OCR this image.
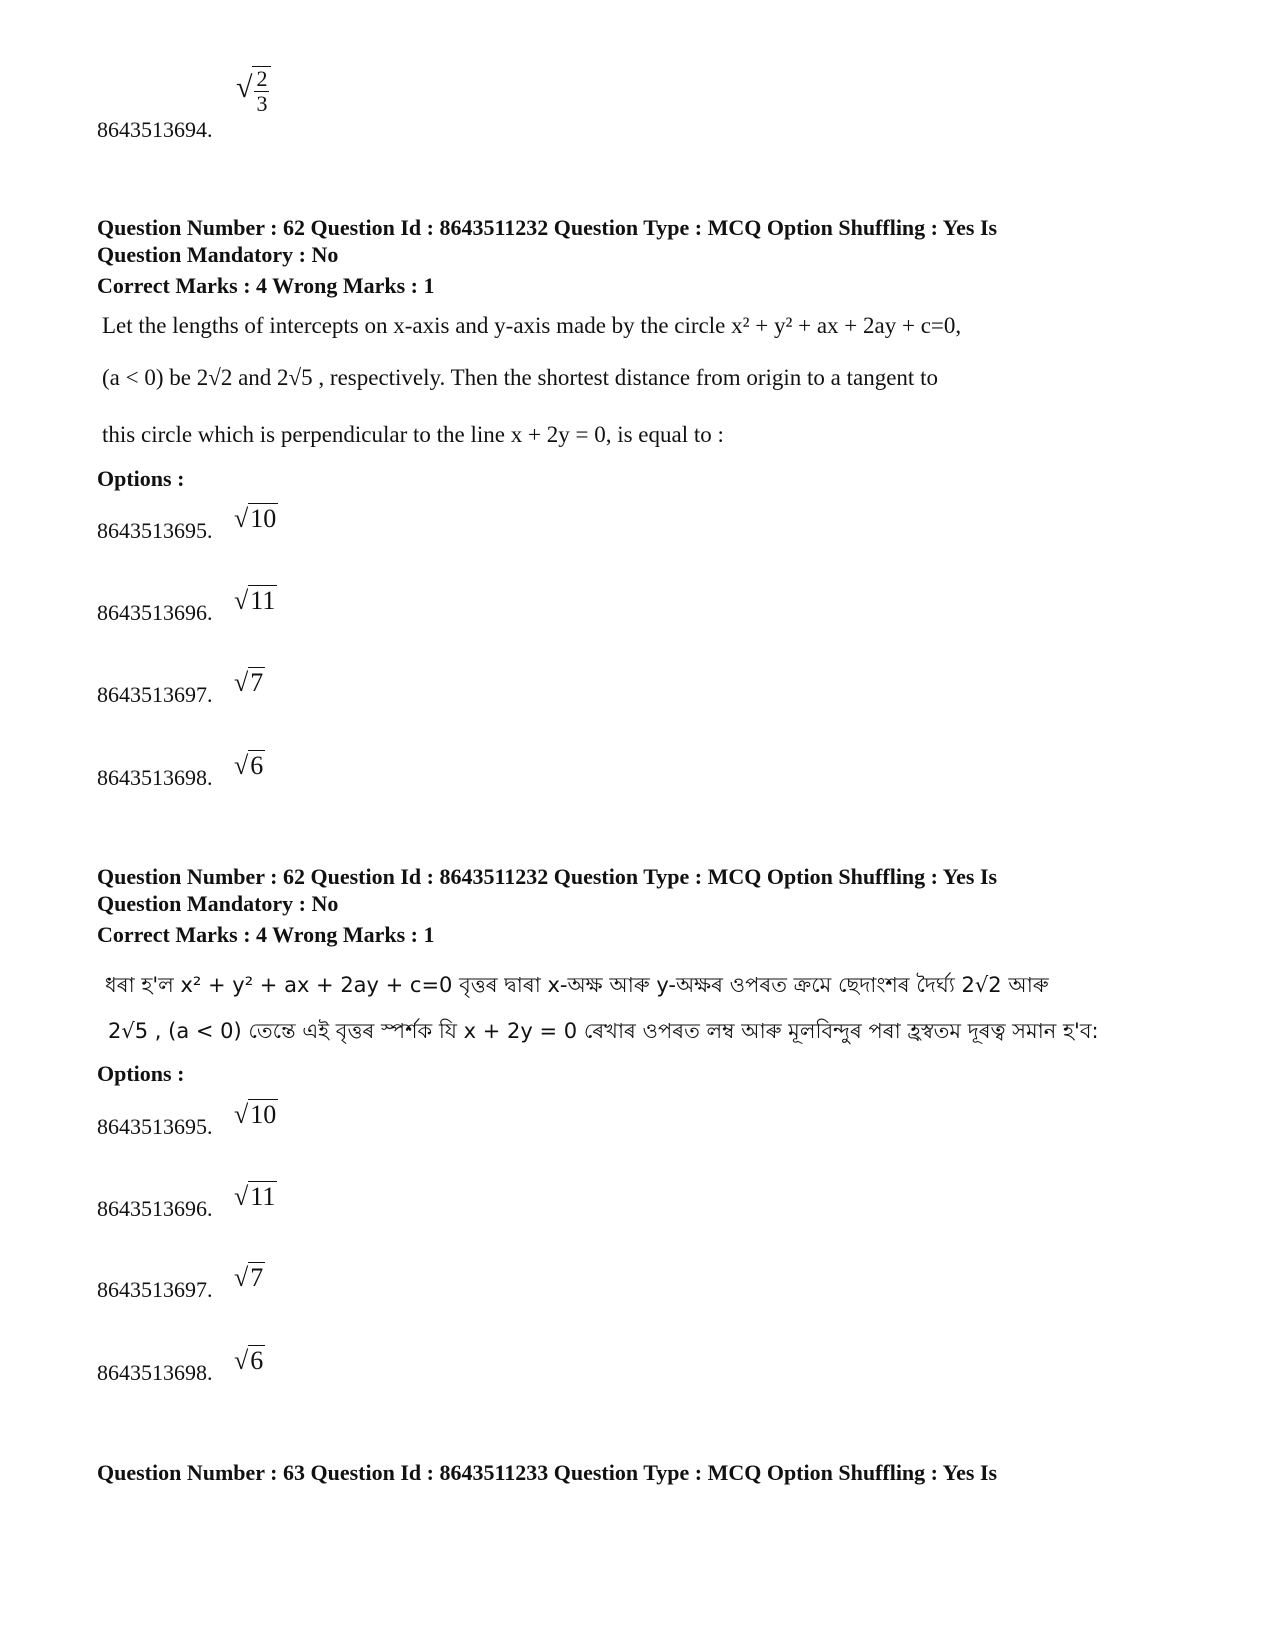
8643513694.
√ $\frac{2}{3}$
Question Number : 62 Question Id : 8643511232 Question Type : MCQ Option Shuffling : Yes Is
Question Mandatory : No
Correct Marks : 4 Wrong Marks : 1
Let the lengths of intercepts on x-axis and y-axis made by the circle x² + y² + ax + 2ay + c=0,
(a < 0) be 2√2 and 2√5 , respectively. Then the shortest distance from origin to a tangent to
this circle which is perpendicular to the line x + 2y = 0, is equal to :
Options :
8643513695. √10
8643513696. √11
8643513697. √7
8643513698. √6
Question Number : 62 Question Id : 8643511232 Question Type : MCQ Option Shuffling : Yes Is
Question Mandatory : No
Correct Marks : 4 Wrong Marks : 1
ধৰা হ'ল x² + y² + ax + 2ay + c=0 বৃত্তৰ দ্বাৰা x-অক্ষ আৰু y-অক্ষৰ ওপৰত ক্ৰমে ছেদাংশৰ দৈৰ্ঘ্য 2√2 আৰু
2√5 , (a < 0) তেন্তে এই বৃত্তৰ স্পৰ্শক যি x + 2y = 0 ৰেখাৰ ওপৰত লম্ব আৰু মূলবিন্দুৰ পৰা হ্ৰস্বতম দূৰত্ব সমান হ'ব:
Options :
8643513695. √10
8643513696. √11
8643513697. √7
8643513698. √6
Question Number : 63 Question Id : 8643511233 Question Type : MCQ Option Shuffling : Yes Is
